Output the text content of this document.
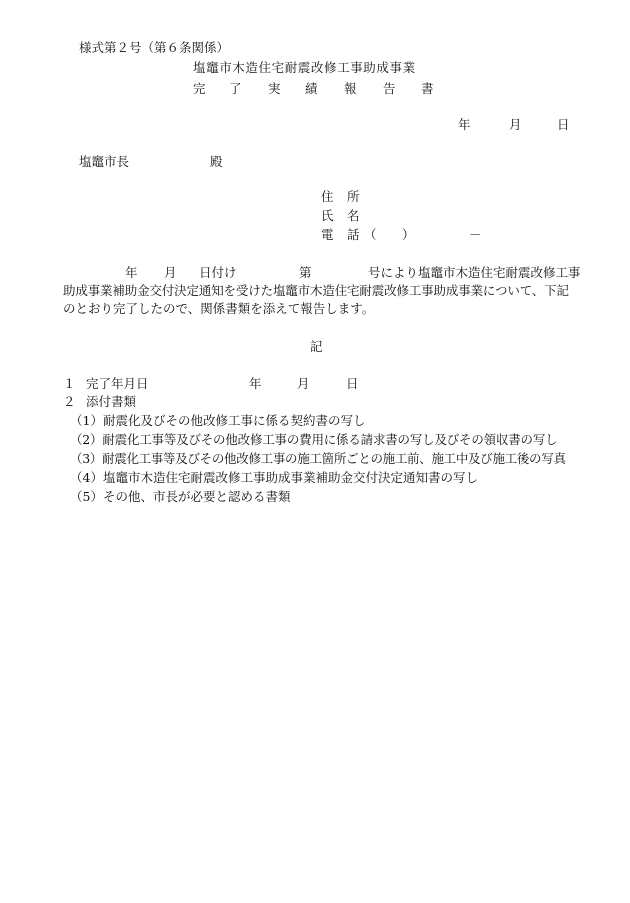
様式第２号（第６条関係）
塩竈市木造住宅耐震改修工事助成事業
完 了 実 績 報 告 書
年	月	日
塩竈市長	殿
住 所
氏 名
電 話 （ ）	－
年 月 日付け	第	号により塩竈市木造住宅耐震改修工事
助成事業補助金交付決定通知を受けた塩竈市木造住宅耐震改修工事助成事業について、下記
のとおり完了したので、関係書類を添えて報告します。
記
１ 完了年月日	年	月	日
２ 添付書類
（1）耐震化及びその他改修工事に係る契約書の写し
（2）耐震化工事等及びその他改修工事の費用に係る請求書の写し及びその領収書の写し
（3）耐震化工事等及びその他改修工事の施工箇所ごとの施工前、施工中及び施工後の写真
（4）塩竈市木造住宅耐震改修工事助成事業補助金交付決定通知書の写し
（5）その他、市長が必要と認める書類
